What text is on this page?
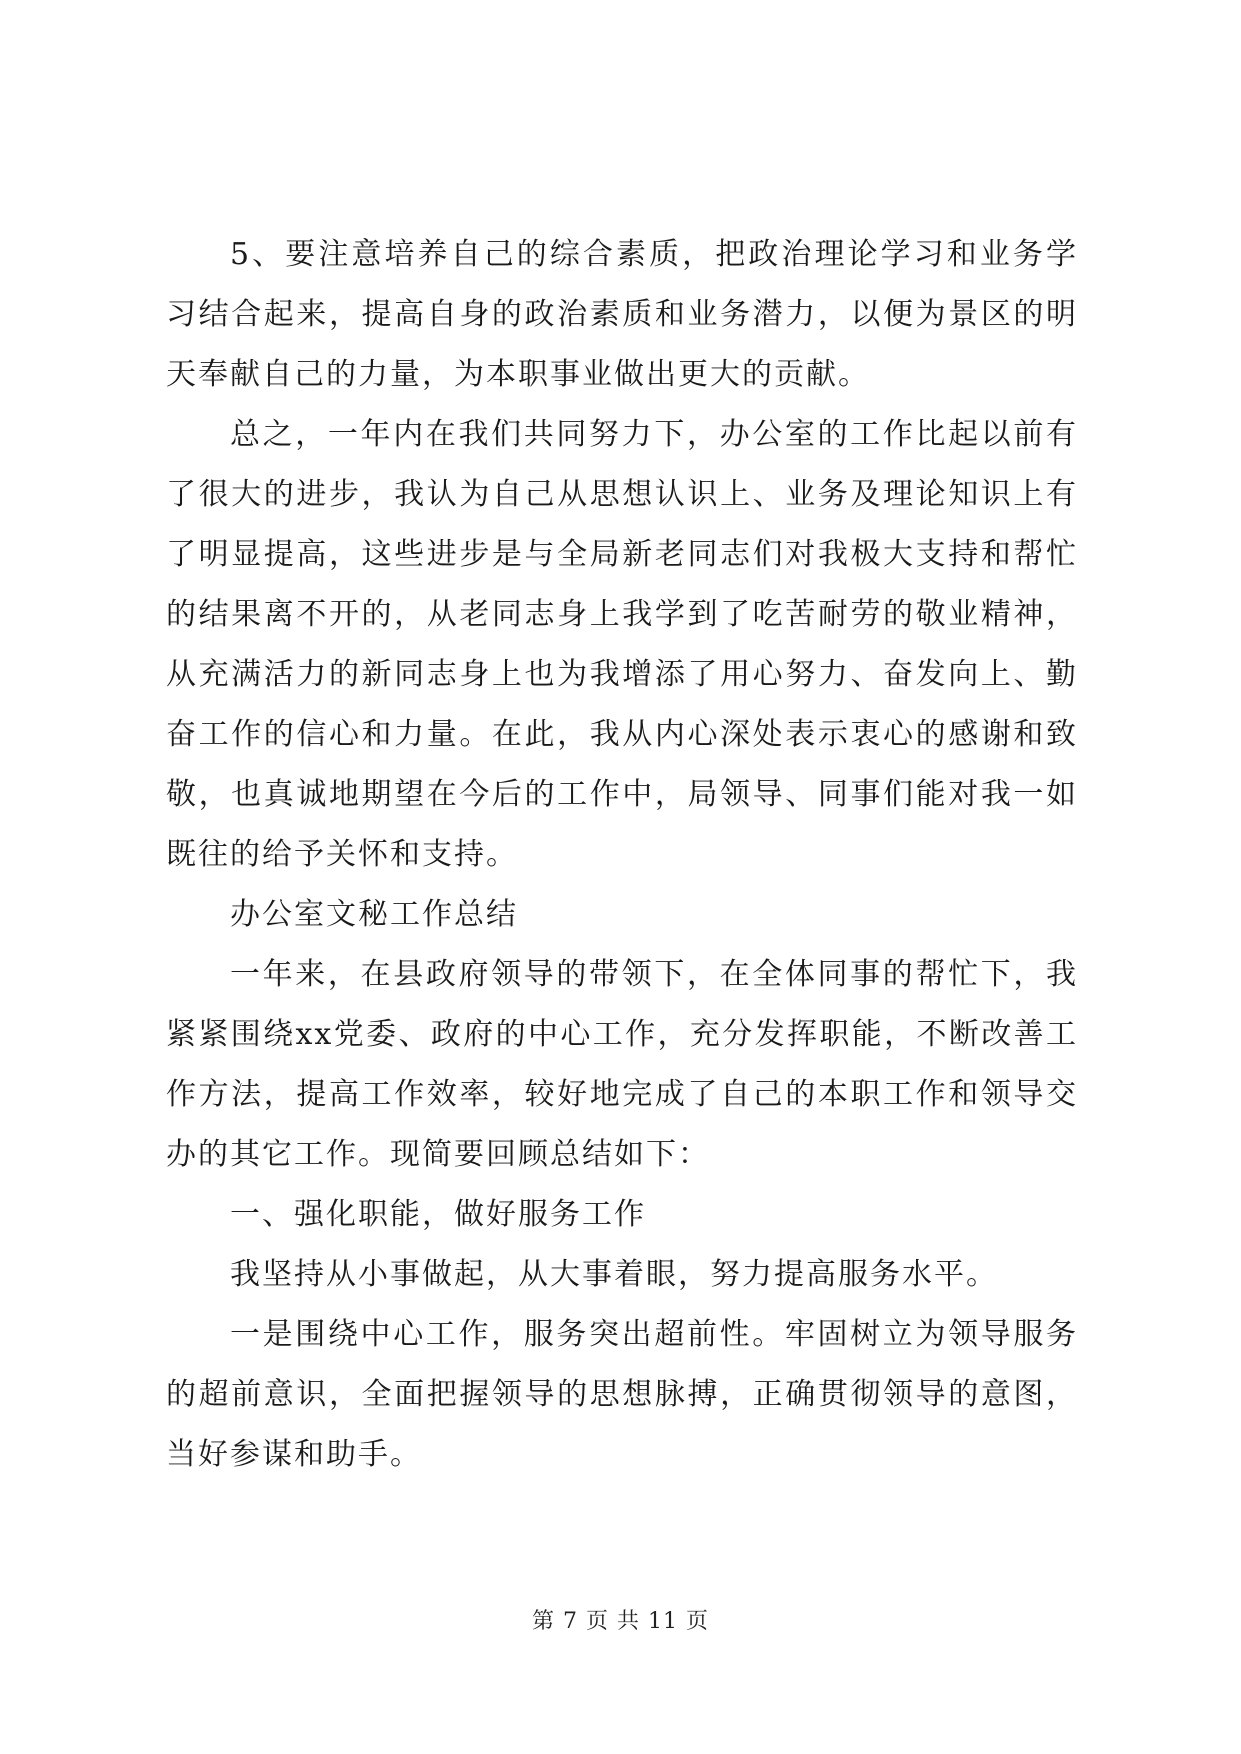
5、要注意培养自己的综合素质，把政治理论学习和业务学习结合起来，提高自身的政治素质和业务潜力，以便为景区的明天奉献自己的力量，为本职事业做出更大的贡献。

总之，一年内在我们共同努力下，办公室的工作比起以前有了很大的进步，我认为自己从思想认识上、业务及理论知识上有了明显提高，这些进步是与全局新老同志们对我极大支持和帮忙的结果离不开的，从老同志身上我学到了吃苦耐劳的敬业精神，从充满活力的新同志身上也为我增添了用心努力、奋发向上、勤奋工作的信心和力量。在此，我从内心深处表示衷心的感谢和致敬，也真诚地期望在今后的工作中，局领导、同事们能对我一如既往的给予关怀和支持。

办公室文秘工作总结

一年来，在县政府领导的带领下，在全体同事的帮忙下，我紧紧围绕xx党委、政府的中心工作，充分发挥职能，不断改善工作方法，提高工作效率，较好地完成了自己的本职工作和领导交办的其它工作。现简要回顾总结如下：

一、强化职能，做好服务工作

我坚持从小事做起，从大事着眼，努力提高服务水平。

一是围绕中心工作，服务突出超前性。牢固树立为领导服务的超前意识，全面把握领导的思想脉搏，正确贯彻领导的意图，当好参谋和助手。

第 7 页 共 11 页
